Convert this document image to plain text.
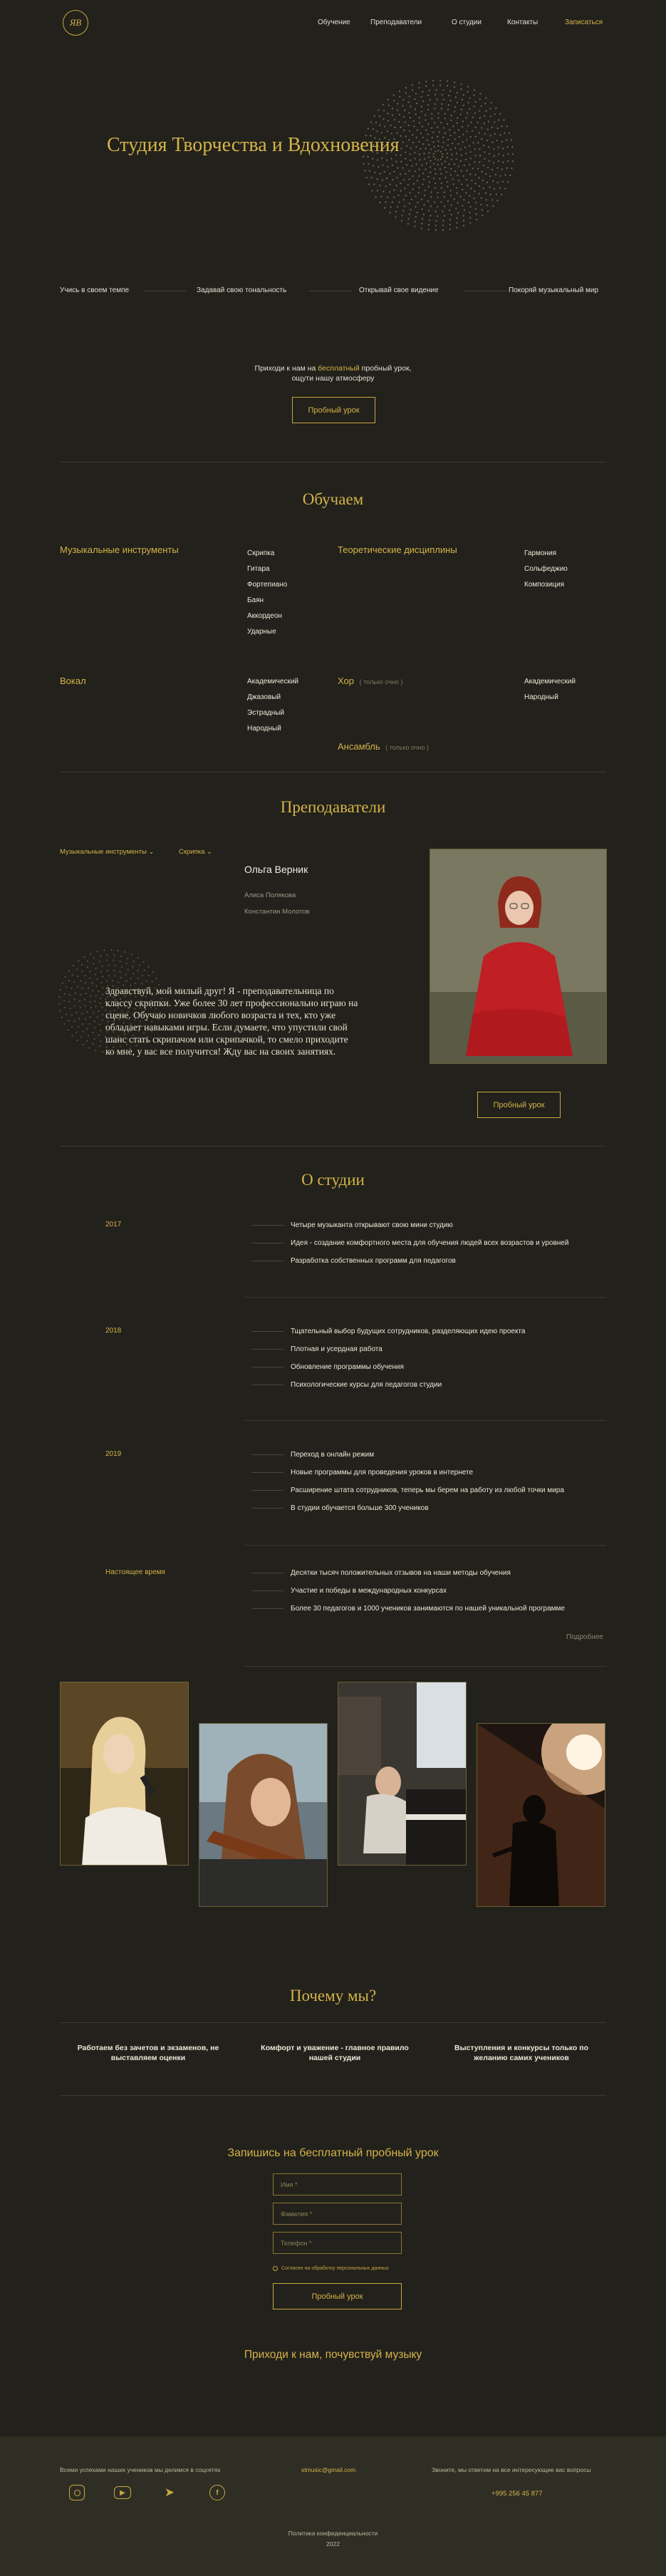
ЯВ	Обучение	Преподаватели	О студии	Контакты	Записаться
Студия Творчества и Вдохновения
Учись в своем темпе	Задавай свою тональность	Открывай свое видение	Покоряй музыкальный мир
Приходи к нам на бесплатный пробный урок,
ощути нашу атмосферу
Пробный урок
Обучаем
Музыкальные инструменты	Скрипка
Гитара
Фортепиано
Баян
Аккордеон
Ударные
Теоретические дисциплины	Гармония
Сольфеджио
Композиция
Вокал	Академический
Джазовый
Эстрадный
Народный
Хор ( только очно )	Академический
Народный
Ансамбль ( только очно )
Преподаватели
Музыкальные инструменты ⌄	Скрипка ⌄
Ольга Верник
Алиса Полякова
Константин Молотов

Здравствуй, мой милый друг! Я - преподавательница по классу скрипки. Уже более 30 лет профессионально играю на сцене. Обучаю новичков любого возраста и тех, кто уже обладает навыками игры. Если думаете, что упустили свой шанс стать скрипачом или скрипачкой, то смело приходите ко мне, у вас все получится! Жду вас на своих занятиях.

Пробный урок
О студии
2017	Четыре музыканта открывают свою мини студию
Идея - создание комфортного места для обучения людей всех возрастов и уровней
Разработка собственных программ для педагогов
2018	Тщательный выбор будущих сотрудников, разделяющих идею проекта
Плотная и усердная работа
Обновление программы обучения
Психологические курсы для педагогов студии
2019	Переход в онлайн режим
Новые программы для проведения уроков в интернете
Расширение штата сотрудников, теперь мы берем на работу из любой точки мира
В студии обучается больше 300 учеников
Настоящее время	Десятки тысяч положительных отзывов на наши методы обучения
Участие и победы в международных конкурсах
Более 30 педагогов и 1000 учеников занимаются по нашей уникальной программе
Подробнее
Почему мы?
Работаем без зачетов и экзаменов, не выставляем оценки
Комфорт и уважение - главное правило нашей студии
Выступления и конкурсы только по желанию самих учеников
Запишись на бесплатный пробный урок
Имя *
Фамилия *
Телефон *
Согласен на обработку персональных данных
Пробный урок
Приходи к нам, почувствуй музыку
Всеми успехами наших учеников мы делимся в соцсетях	stmusic@gmail.com	Звоните, мы ответим на все интересующие вас вопросы
+995 256 45 877
▶	➤	f
Политика конфиденциальности
2022
